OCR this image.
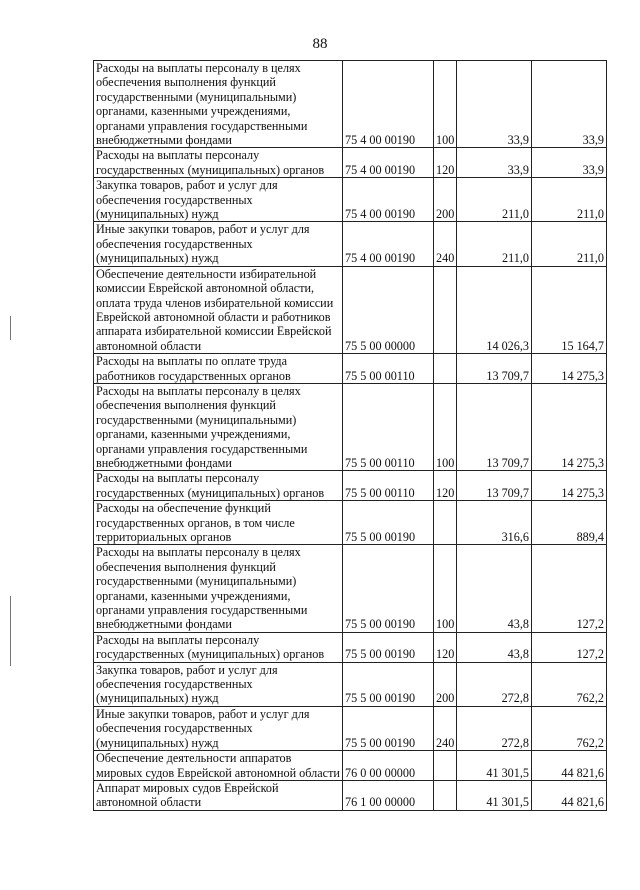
88
Расходы на выплаты персоналу в целях обеспечения выполнения функций государственными (муниципальными) органами, казенными учреждениями, органами управления государственными внебюджетными фондами	75 4 00 00190	100	33,9	33,9
Расходы на выплаты персоналу государственных (муниципальных) органов	75 4 00 00190	120	33,9	33,9
Закупка товаров, работ и услуг для обеспечения государственных (муниципальных) нужд	75 4 00 00190	200	211,0	211,0
Иные закупки товаров, работ и услуг для обеспечения государственных (муниципальных) нужд	75 4 00 00190	240	211,0	211,0
Обеспечение деятельности избирательной комиссии Еврейской автономной области, оплата труда членов избирательной комиссии Еврейской автономной области и работников аппарата избирательной комиссии Еврейской автономной области	75 5 00 00000		14 026,3	15 164,7
Расходы на выплаты по оплате труда работников государственных органов	75 5 00 00110		13 709,7	14 275,3
Расходы на выплаты персоналу в целях обеспечения выполнения функций государственными (муниципальными) органами, казенными учреждениями, органами управления государственными внебюджетными фондами	75 5 00 00110	100	13 709,7	14 275,3
Расходы на выплаты персоналу государственных (муниципальных) органов	75 5 00 00110	120	13 709,7	14 275,3
Расходы на обеспечение функций государственных органов, в том числе территориальных органов	75 5 00 00190		316,6	889,4
Расходы на выплаты персоналу в целях обеспечения выполнения функций государственными (муниципальными) органами, казенными учреждениями, органами управления государственными внебюджетными фондами	75 5 00 00190	100	43,8	127,2
Расходы на выплаты персоналу государственных (муниципальных) органов	75 5 00 00190	120	43,8	127,2
Закупка товаров, работ и услуг для обеспечения государственных (муниципальных) нужд	75 5 00 00190	200	272,8	762,2
Иные закупки товаров, работ и услуг для обеспечения государственных (муниципальных) нужд	75 5 00 00190	240	272,8	762,2
Обеспечение деятельности аппаратов мировых судов Еврейской автономной области	76 0 00 00000		41 301,5	44 821,6
Аппарат мировых судов Еврейской автономной области	76 1 00 00000		41 301,5	44 821,6
